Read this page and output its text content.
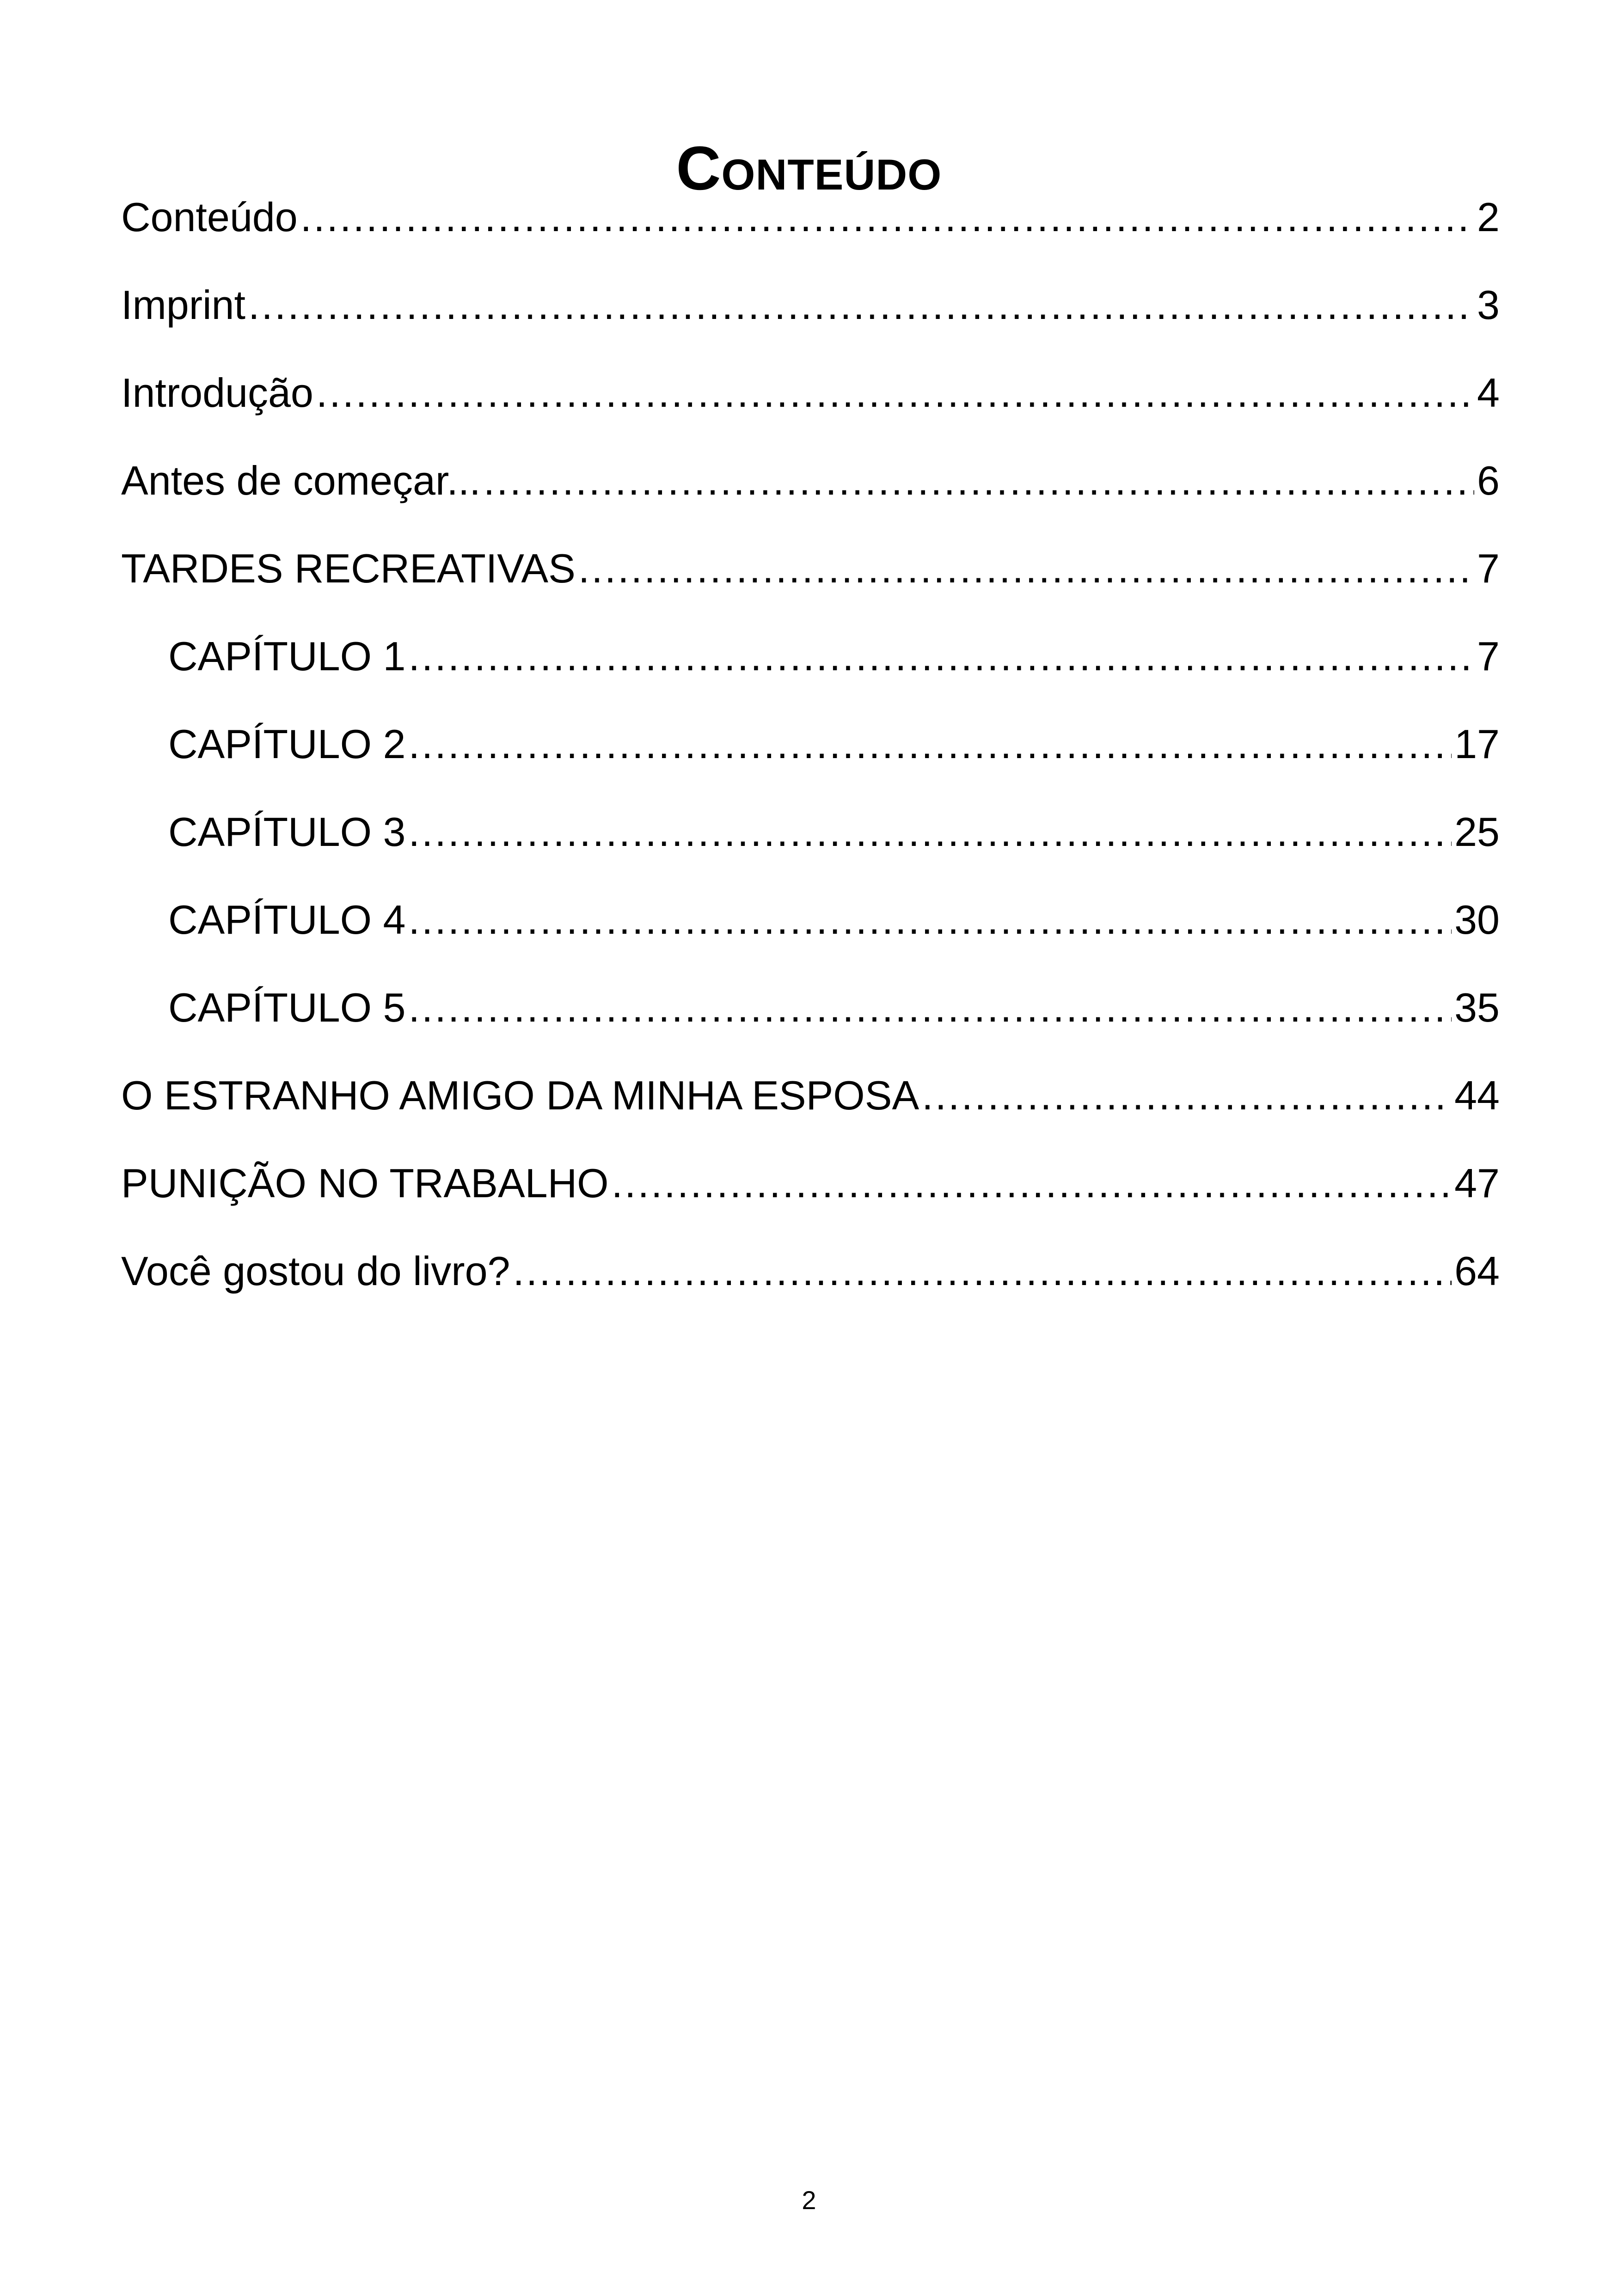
Conteúdo
Conteúdo .....	2
Imprint .....	3
Introdução .....	4
Antes de começar... .....	6
TARDES RECREATIVAS .....	7
CAPÍTULO 1 .....	7
CAPÍTULO 2 .....	17
CAPÍTULO 3 .....	25
CAPÍTULO 4 .....	30
CAPÍTULO 5 .....	35
O ESTRANHO AMIGO DA MINHA ESPOSA .....	44
PUNIÇÃO NO TRABALHO .....	47
Você gostou do livro? .....	64
2
